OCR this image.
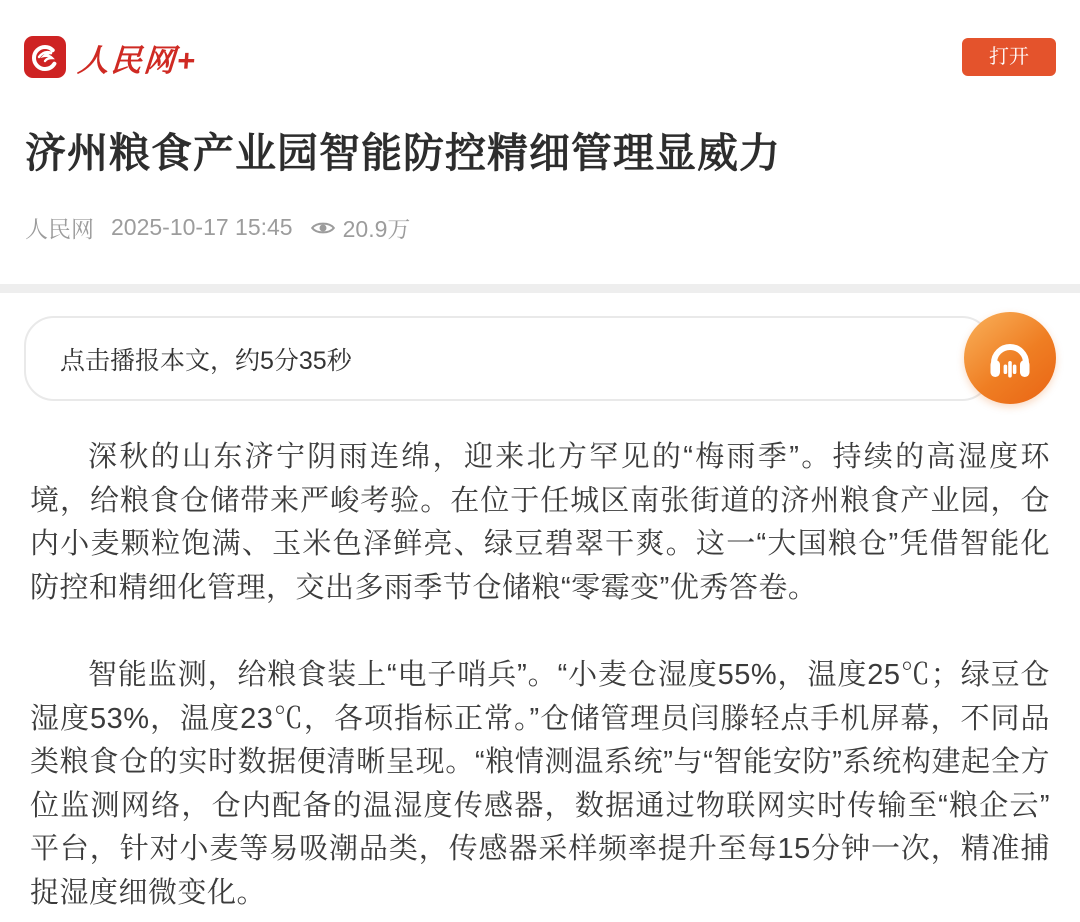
人民网+	打开
济州粮食产业园智能防控精细管理显威力
人民网 2025-10-17 15:45 20.9万
点击播报本文，约5分35秒

深秋的山东济宁阴雨连绵，迎来北方罕见的“梅雨季”。持续的高湿度环境，给粮食仓储带来严峻考验。在位于任城区南张街道的济州粮食产业园，仓内小麦颗粒饱满、玉米色泽鲜亮、绿豆碧翠干爽。这一“大国粮仓”凭借智能化防控和精细化管理，交出多雨季节仓储粮“零霉变”优秀答卷。

智能监测，给粮食装上“电子哨兵”。“小麦仓湿度55%，温度25℃；绿豆仓湿度53%，温度23℃，各项指标正常。”仓储管理员闫滕轻点手机屏幕，不同品类粮食仓的实时数据便清晰呈现。“粮情测温系统”与“智能安防”系统构建起全方位监测网络，仓内配备的温湿度传感器，数据通过物联网实时传输至“粮企云”平台，针对小麦等易吸潮品类，传感器采样频率提升至每15分钟一次，精准捕捉湿度细微变化。
